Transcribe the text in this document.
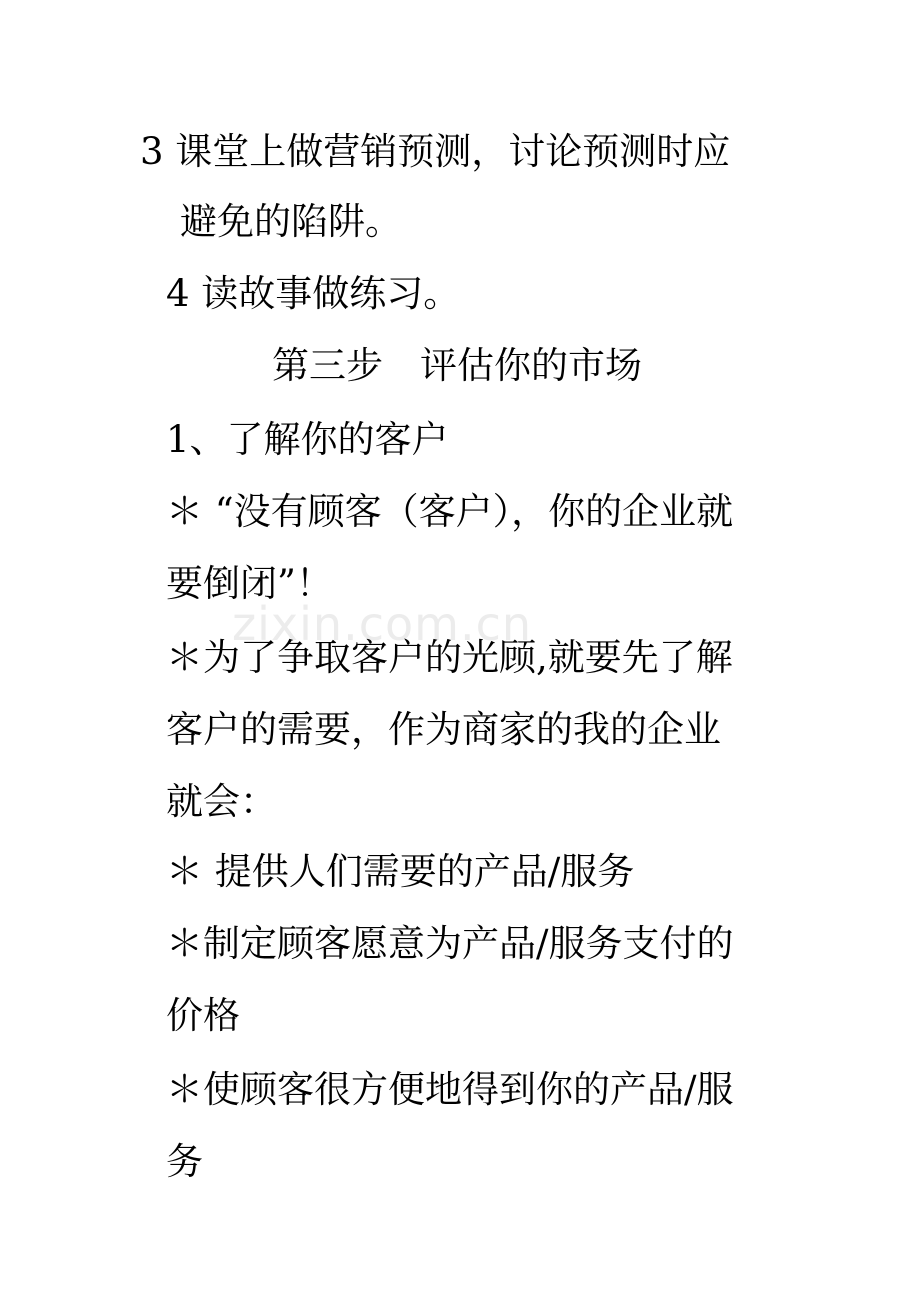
zixin.com.cn
3 课堂上做营销预测，讨论预测时应
避免的陷阱。
4 读故事做练习。
第三步　评估你的市场
1、了解你的客户
＊ “没有顾客（客户），你的企业就
要倒闭”！
＊为了争取客户的光顾,就要先了解
客户的需要，作为商家的我的企业
就会：
＊ 提供人们需要的产品/服务
＊制定顾客愿意为产品/服务支付的
价格
＊使顾客很方便地得到你的产品/服
务
